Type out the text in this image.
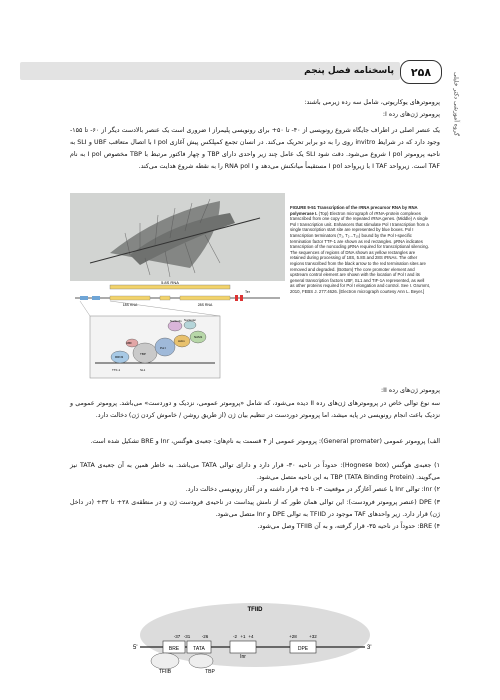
پاسخنامه فصل پنجم	۲۵۸	گروه آموزشی دکتر خلیلی
پروموتر‌های یوکاریوتی، شامل سه رده زیرمی باشند:
پروموتر ژن‌های رده I:
یک عنصر اصلی در اطراف جایگاه شروع رونویسی از ۴۰- تا ۵۰+ برای رونویسی پلیمراز I ضروری است یک عنصر بالادست دیگر از ۶۰- تا ۱۵۵- وجود دارد که در شرایط invitro روی را به دو برابر تحریک می‌کند. در انسان تجمع کمپلکس پیش آغازی I pol با اتصال متعاقب UBF و SLI به ناحیه پروموتر I pol شروع می‌شود. دقت شود SLI یک عامل چند زیر واحدی دارای TBP و چهار فاکتور مرتبط با TBP مخصوص I pol به نام TAF است. زیرواحد I TAF با زیرواحد I pol مستقیماً میانکنش می‌دهد و RNA pol I را به نقطه شروع هدایت می‌کند.
5.8S RNA
18S RNA	28S RNA
Ter
TTF-1	SL1
Pol I
TBP
Nucleolin Nucleolar
UBF
NAM1
Actin
RRN3
FIGURE 9-51 Transcription of the rRNA precursor RNA by RNA polymerase I. (Top) Electron micrograph of rRNA-protein complexes transcribed from one copy of the repeated rRNA genes. (Middle) A single Pol I transcription unit. Enhancers that stimulate Pol I transcription from a single transcription start site are represented by blue boxes. Pol I transcription terminators (T₁, T₂...T₁₀) bound by the Pol I-specific termination factor TTF-1 are shown as red rectangles. pRNA indicates transcription of the noncoding pRNA required for transcriptional silencing. The sequences of regions of DNA shown as yellow rectangles are retained during processing of 18S, 5.8S and 28S rRNAs. The other regions transcribed from the black arrow to the red termination sites are removed and degraded. (Bottom) The core promoter element and upstream control element are shown with the location of Pol I and its general transcription factors UBF, SL1 and TIF-1A represented, as well as other proteins required for Pol I elongation and control. See I. Grummt, 2010, FEBS J. 277:4626. [Electron micrograph courtesy Ann L. Beyer.]
پروموتر ژن‌های رده II:
سه نوع توالی خاص در پروموترهای ژن‌های رده II دیده می‌شود، که شامل «پروموتر عمومی، نزدیک و دوردست» می‌باشد. پروموتر عمومی و نزدیک باعث انجام رونویسی در پایه میشد، اما پروموتر دوردست در تنظیم بیان ژن (از طریق روشن / خاموش کردن ژن) دخالت دارد.
الف) پروموتر عمومی (General promater): پروموتر عمومی از ۴ قسمت به نام‌های: جعبه‌ی هوگنس، Inr و BRE تشکیل شده است.
۱) جعبه‌ی هوگنس (Hognese box): حدوداً در ناحیه ۳۰- قرار دارد و دارای توالی TATA می‌باشد. به خاطر همین به آن جعبه‌ی TATA نیز می‌گویند. TBP (TATA Binding Protein) به این ناحیه متصل می‌شود.
۲) Inr: توالی Inr یا عنصر آغازگر در موقعیت ۳- تا ۵+ قرار داشته و در آغاز رونویسی دخالت دارد.
۳) DPE (عنصر پروموتر فرودست): این توالی همان طور که از نامش پیداست در ناحیه‌ی فرودست ژن و در منطقه‌ی ۲۸+ تا ۳۲+ (در داخل ژن) قرار دارد. زیر واحدهای TAF موجود در TFIID به توالی DPE و Inr متصل می‌شود.
۴) BRE: حدوداً در ناحیه ۳۵- قرار گرفته، و به آن TFIIB وصل می‌شود.
TFIID
5'	3'
BRE	TATA
Inr
DPE
TFIIB	TBP
-37 -31	-26	-2 +1 +4	+28	+32
